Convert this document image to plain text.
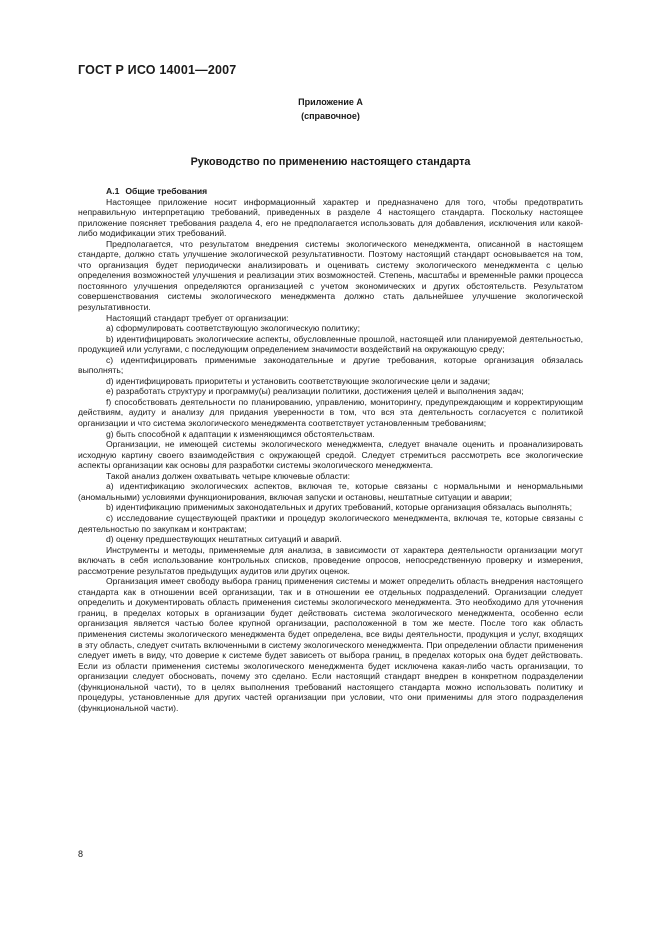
ГОСТ Р ИСО 14001—2007
Приложение А
(справочное)
Руководство по применению настоящего стандарта

А.1 Общие требования

Настоящее приложение носит информационный характер и предназначено для того, чтобы предотвратить неправильную интерпретацию требований, приведенных в разделе 4 настоящего стандарта. Поскольку настоящее приложение поясняет требования раздела 4, его не предполагается использовать для добавления, исключения или какой-либо модификации этих требований.

Предполагается, что результатом внедрения системы экологического менеджмента, описанной в настоящем стандарте, должно стать улучшение экологической результативности. Поэтому настоящий стандарт основывается на том, что организация будет периодически анализировать и оценивать систему экологического менеджмента с целью определения возможностей улучшения и реализации этих возможностей. Степень, масштабы и временнЫе рамки процесса постоянного улучшения определяются организацией с учетом экономических и других обстоятельств. Результатом совершенствования системы экологического менеджмента должно стать дальнейшее улучшение экологической результативности.

Настоящий стандарт требует от организации:

a) сформулировать соответствующую экологическую политику;

b) идентифицировать экологические аспекты, обусловленные прошлой, настоящей или планируемой деятельностью, продукцией или услугами, с последующим определением значимости воздействий на окружающую среду;

c) идентифицировать применимые законодательные и другие требования, которые организация обязалась выполнять;

d) идентифицировать приоритеты и установить соответствующие экологические цели и задачи;

e) разработать структуру и программу(ы) реализации политики, достижения целей и выполнения задач;

f) способствовать деятельности по планированию, управлению, мониторингу, предупреждающим и корректирующим действиям, аудиту и анализу для придания уверенности в том, что вся эта деятельность согласуется с политикой организации и что система экологического менеджмента соответствует установленным требованиям;

g) быть способной к адаптации к изменяющимся обстоятельствам.

Организации, не имеющей системы экологического менеджмента, следует вначале оценить и проанализировать исходную картину своего взаимодействия с окружающей средой. Следует стремиться рассмотреть все экологические аспекты организации как основы для разработки системы экологического менеджмента.

Такой анализ должен охватывать четыре ключевые области:

a) идентификацию экологических аспектов, включая те, которые связаны с нормальными и ненормальными (аномальными) условиями функционирования, включая запуски и остановы, нештатные ситуации и аварии;

b) идентификацию применимых законодательных и других требований, которые организация обязалась выполнять;

c) исследование существующей практики и процедур экологического менеджмента, включая те, которые связаны с деятельностью по закупкам и контрактам;

d) оценку предшествующих нештатных ситуаций и аварий.

Инструменты и методы, применяемые для анализа, в зависимости от характера деятельности организации могут включать в себя использование контрольных списков, проведение опросов, непосредственную проверку и измерения, рассмотрение результатов предыдущих аудитов или других оценок.

Организация имеет свободу выбора границ применения системы и может определить область внедрения настоящего стандарта как в отношении всей организации, так и в отношении ее отдельных подразделений. Организации следует определить и документировать область применения системы экологического менеджмента. Это необходимо для уточнения границ, в пределах которых в организации будет действовать система экологического менеджмента, особенно если организация является частью более крупной организации, расположенной в том же месте. После того как область применения системы экологического менеджмента будет определена, все виды деятельности, продукция и услуг, входящих в эту область, следует считать включенными в систему экологического менеджмента. При определении области применения следует иметь в виду, что доверие к системе будет зависеть от выбора границ, в пределах которых она будет действовать. Если из области применения системы экологического менеджмента будет исключена какая-либо часть организации, то организации следует обосновать, почему это сделано. Если настоящий стандарт внедрен в конкретном подразделении (функциональной части), то в целях выполнения требований настоящего стандарта можно использовать политику и процедуры, установленные для других частей организации при условии, что они применимы для этого подразделения (функциональной части).

8
